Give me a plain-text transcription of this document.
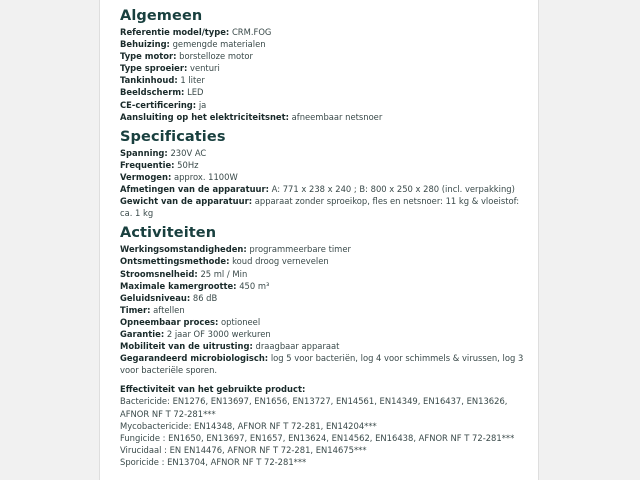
Algemeen
Referentie model/type: CRM.FOG
Behuizing: gemengde materialen
Type motor: borstelloze motor
Type sproeier: venturi
Tankinhoud: 1 liter
Beeldscherm: LED
CE-certificering: ja
Aansluiting op het elektriciteitsnet: afneembaar netsnoer
Specificaties
Spanning: 230V AC
Frequentie: 50Hz
Vermogen: approx. 1100W
Afmetingen van de apparatuur: A: 771 x 238 x 240 ; B: 800 x 250 x 280 (incl. verpakking)
Gewicht van de apparatuur: apparaat zonder sproeikop, fles en netsnoer: 11 kg & vloeistof: ca. 1 kg
Activiteiten
Werkingsomstandigheden: programmeerbare timer
Ontsmettingsmethode: koud droog vernevelen
Stroomsnelheid: 25 ml / Min
Maximale kamergrootte: 450 m³
Geluidsniveau: 86 dB
Timer: aftellen
Opneembaar proces: optioneel
Garantie: 2 jaar OF 3000 werkuren
Mobiliteit van de uitrusting: draagbaar apparaat
Gegarandeerd microbiologisch: log 5 voor bacteriën, log 4 voor schimmels & virussen, log 3 voor bacteriële sporen.
Effectiviteit van het gebruikte product:
Bactericide: EN1276, EN13697, EN1656, EN13727, EN14561, EN14349, EN16437, EN13626,
AFNOR NF T 72-281***
Mycobactericide: EN14348, AFNOR NF T 72-281, EN14204***
Fungicide : EN1650, EN13697, EN1657, EN13624, EN14562, EN16438, AFNOR NF T 72-281***
Virucidaal : EN EN14476, AFNOR NF T 72-281, EN14675***
Sporicide : EN13704, AFNOR NF T 72-281***
